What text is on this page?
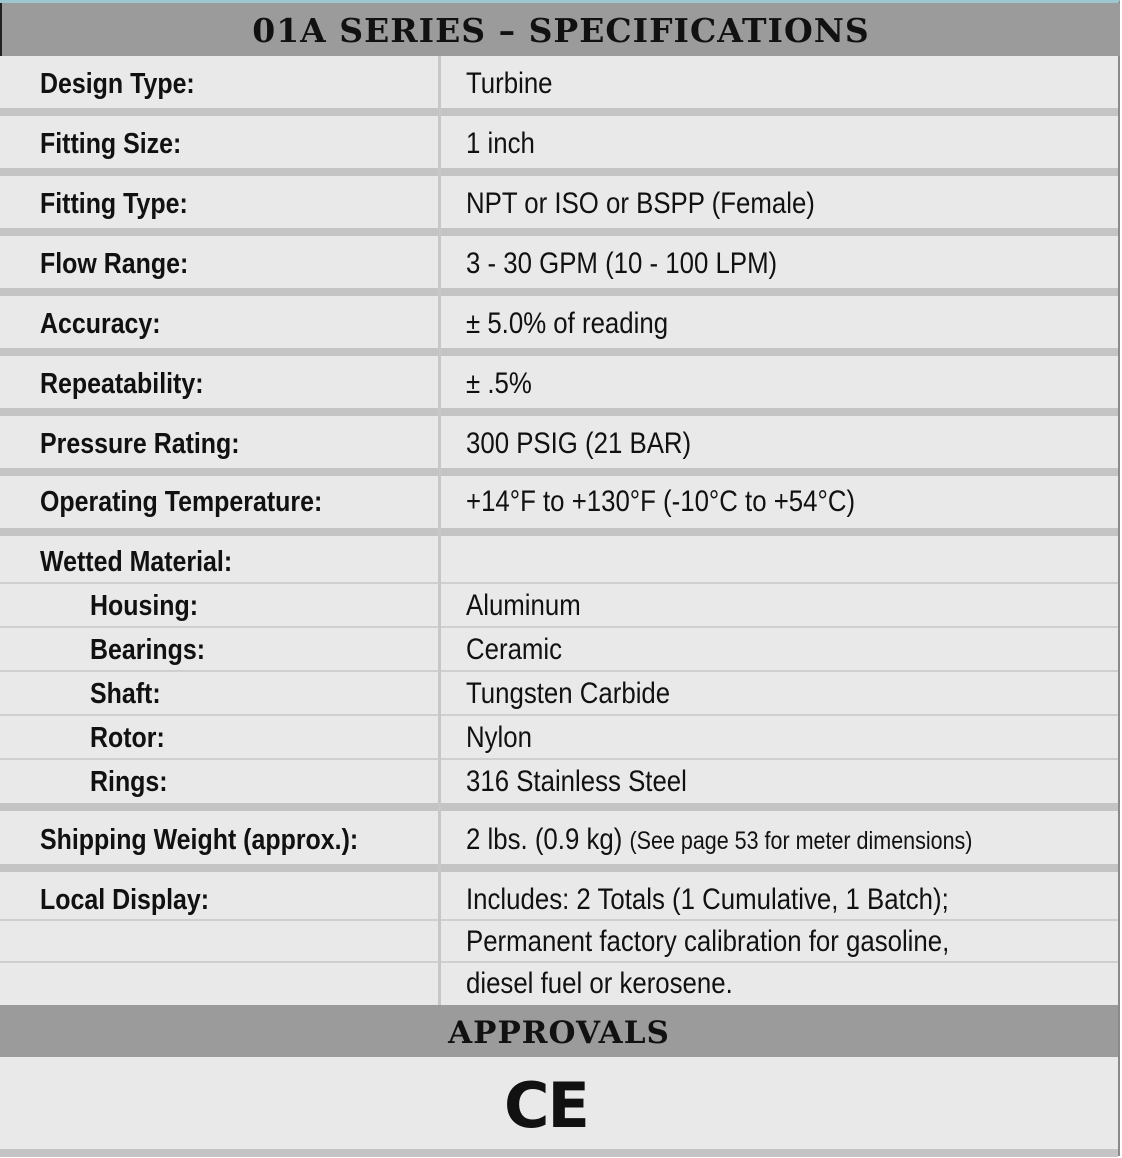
01A SERIES – SPECIFICATIONS
Design Type:	Turbine
Fitting Size:	1 inch
Fitting Type:	NPT or ISO or BSPP (Female)
Flow Range:	3 - 30 GPM (10 - 100 LPM)
Accuracy:	± 5.0% of reading
Repeatability:	± .5%
Pressure Rating:	300 PSIG (21 BAR)
Operating Temperature:	+14°F to +130°F (-10°C to +54°C)
Wetted Material:
Housing:	Aluminum
Bearings:	Ceramic
Shaft:	Tungsten Carbide
Rotor:	Nylon
Rings:	316 Stainless Steel
Shipping Weight (approx.):	2 lbs. (0.9 kg) (See page 53 for meter dimensions)
Local Display:	Includes: 2 Totals (1 Cumulative, 1 Batch);
Permanent factory calibration for gasoline,
diesel fuel or kerosene.
APPROVALS
CE
